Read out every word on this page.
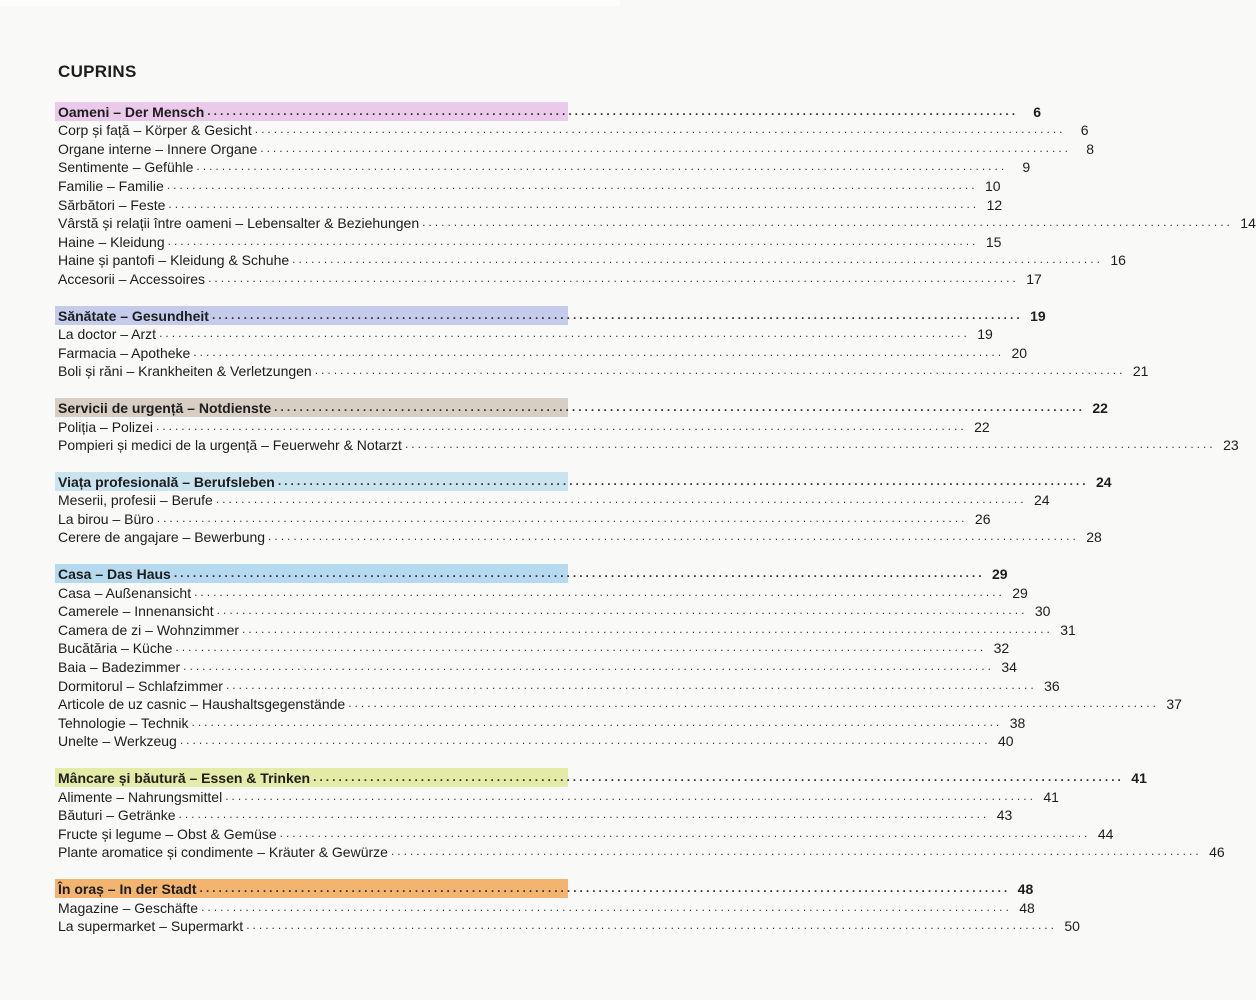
CUPRINS
Oameni – Der Mensch ................................................................................................................................	6
Corp și față – Körper & Gesicht ................................................................................................................................	6
Organe interne – Innere Organe ................................................................................................................................	8
Sentimente – Gefühle ................................................................................................................................	9
Familie – Familie ................................................................................................................................ 10
Sărbători – Feste ................................................................................................................................ 12
Vârstă și relații între oameni – Lebensalter & Beziehungen ................................................................................................................................ 14
Haine – Kleidung ................................................................................................................................ 15
Haine și pantofi – Kleidung & Schuhe ................................................................................................................................ 16
Accesorii – Accessoires ................................................................................................................................ 17
Sănătate – Gesundheit ................................................................................................................................ 19
La doctor – Arzt ................................................................................................................................ 19
Farmacia – Apotheke ................................................................................................................................ 20
Boli și răni – Krankheiten & Verletzungen ................................................................................................................................ 21
Servicii de urgență – Notdienste ................................................................................................................................ 22
Poliția – Polizei ................................................................................................................................ 22
Pompieri și medici de la urgență – Feuerwehr & Notarzt ................................................................................................................................ 23
Viața profesională – Berufsleben ................................................................................................................................ 24
Meserii, profesii – Berufe ................................................................................................................................ 24
La birou – Büro ................................................................................................................................ 26
Cerere de angajare – Bewerbung ................................................................................................................................ 28
Casa – Das Haus ................................................................................................................................ 29
Casa – Außenansicht ................................................................................................................................ 29
Camerele – Innenansicht ................................................................................................................................ 30
Camera de zi – Wohnzimmer ................................................................................................................................ 31
Bucătăria – Küche ................................................................................................................................ 32
Baia – Badezimmer ................................................................................................................................ 34
Dormitorul – Schlafzimmer ................................................................................................................................ 36
Articole de uz casnic – Haushaltsgegenstände ................................................................................................................................ 37
Tehnologie – Technik ................................................................................................................................ 38
Unelte – Werkzeug ................................................................................................................................ 40
Mâncare și băutură – Essen & Trinken ................................................................................................................................ 41
Alimente – Nahrungsmittel ................................................................................................................................ 41
Băuturi – Getränke ................................................................................................................................ 43
Fructe și legume – Obst & Gemüse ................................................................................................................................ 44
Plante aromatice și condimente – Kräuter & Gewürze ................................................................................................................................ 46
În oraș – In der Stadt ................................................................................................................................ 48
Magazine – Geschäfte ................................................................................................................................ 48
La supermarket – Supermarkt ................................................................................................................................ 50
